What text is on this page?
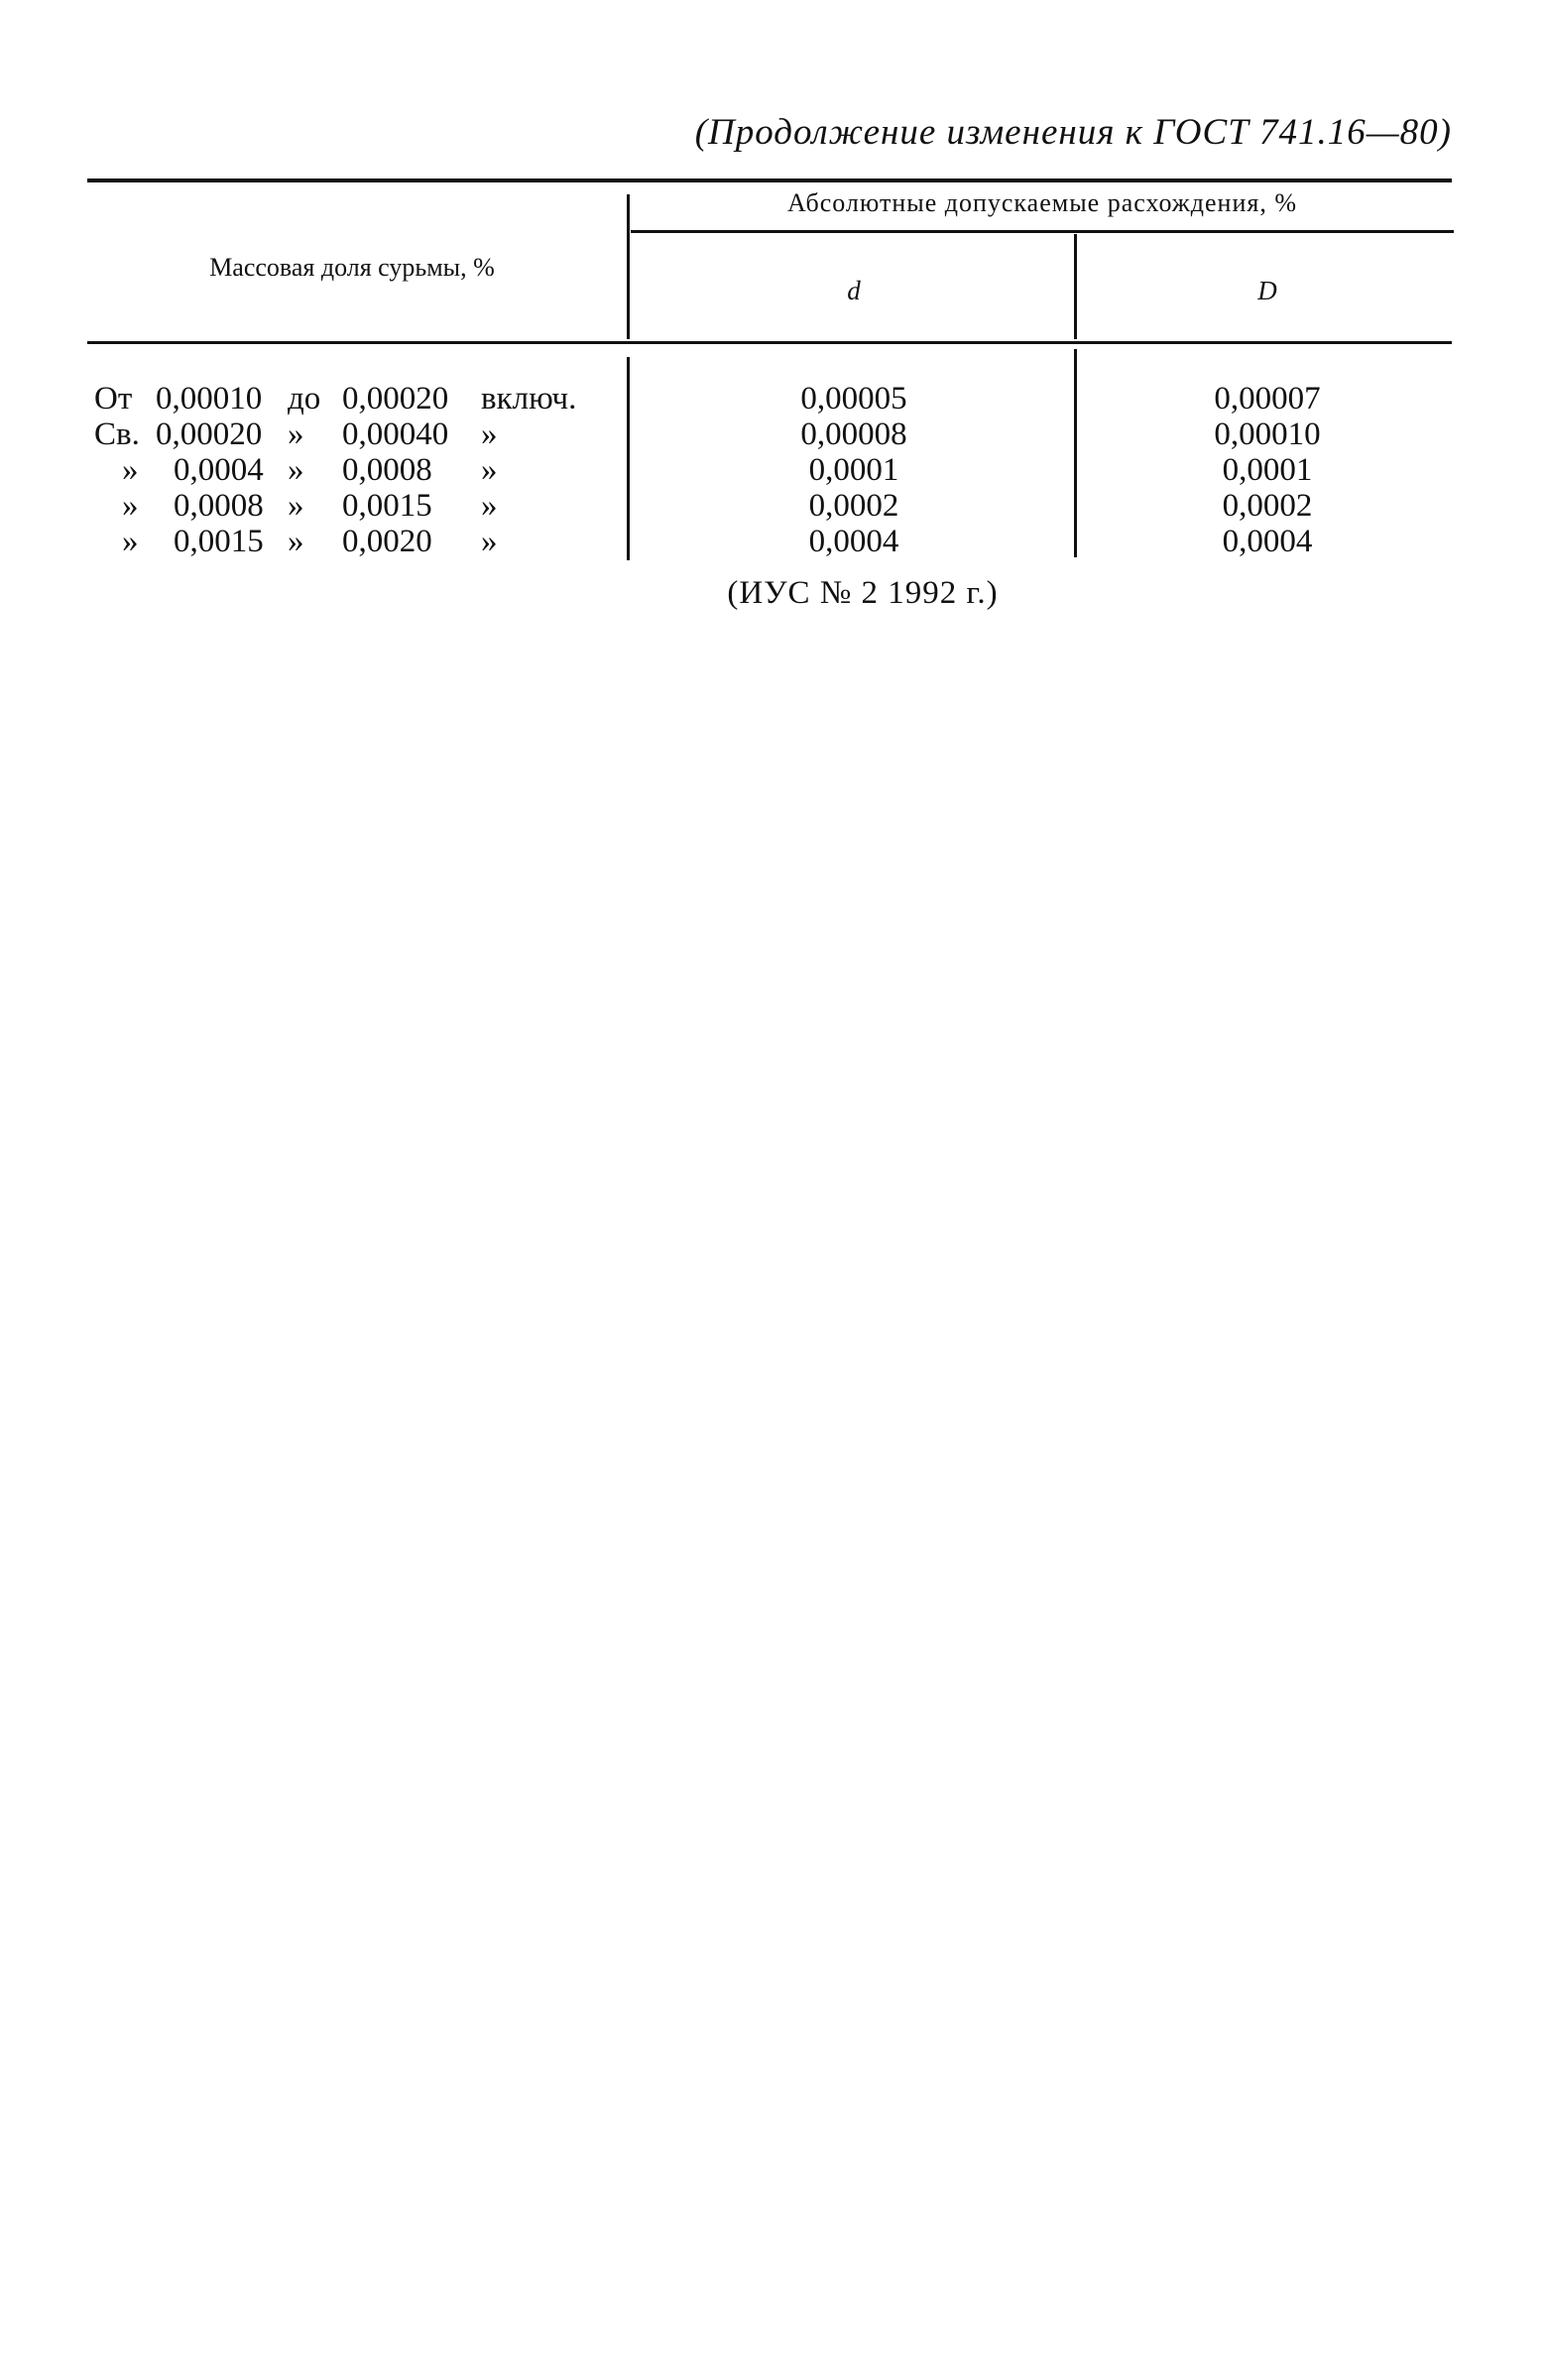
(Продолжение изменения к ГОСТ 741.16—80)
Массовая доля сурьмы, %
Абсолютные допускаемые расхождения, %
d	D
От 0,00010 до 0,00020 включ.	0,00005	0,00007
Св. 0,00020 » 0,00040 »	0,00008	0,00010
» 0,0004 » 0,0008 »	0,0001	0,0001
» 0,0008 » 0,0015 »	0,0002	0,0002
» 0,0015 » 0,0020 »	0,0004	0,0004
(ИУС № 2 1992 г.)
